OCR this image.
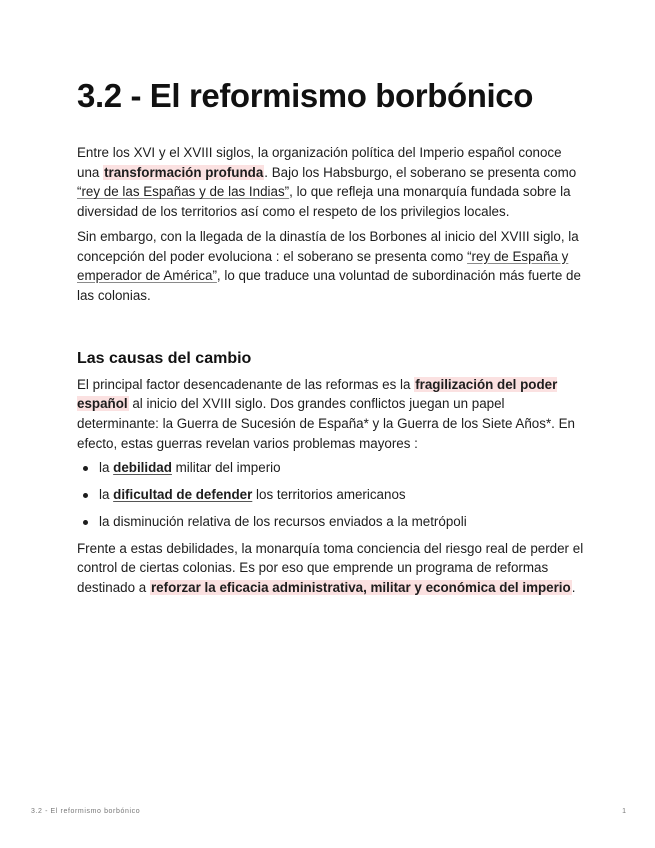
3.2 - El reformismo borbónico

Entre los XVI y el XVIII siglos, la organización política del Imperio español conoce una transformación profunda. Bajo los Habsburgo, el soberano se presenta como “rey de las Españas y de las Indias”, lo que refleja una monarquía fundada sobre la diversidad de los territorios así como el respeto de los privilegios locales.

Sin embargo, con la llegada de la dinastía de los Borbones al inicio del XVIII siglo, la concepción del poder evoluciona : el soberano se presenta como “rey de España y emperador de América”, lo que traduce una voluntad de subordinación más fuerte de las colonias.

Las causas del cambio

El principal factor desencadenante de las reformas es la fragilización del poder español al inicio del XVIII siglo. Dos grandes conflictos juegan un papel determinante: la Guerra de Sucesión de España* y la Guerra de los Siete Años*. En efecto, estas guerras revelan varios problemas mayores :

la debilidad militar del imperio
la dificultad de defender los territorios americanos
la disminución relativa de los recursos enviados a la metrópoli

Frente a estas debilidades, la monarquía toma conciencia del riesgo real de perder el control de ciertas colonias. Es por eso que emprende un programa de reformas destinado a reforzar la eficacia administrativa, militar y económica del imperio.

3.2 - El reformismo borbónico	1
